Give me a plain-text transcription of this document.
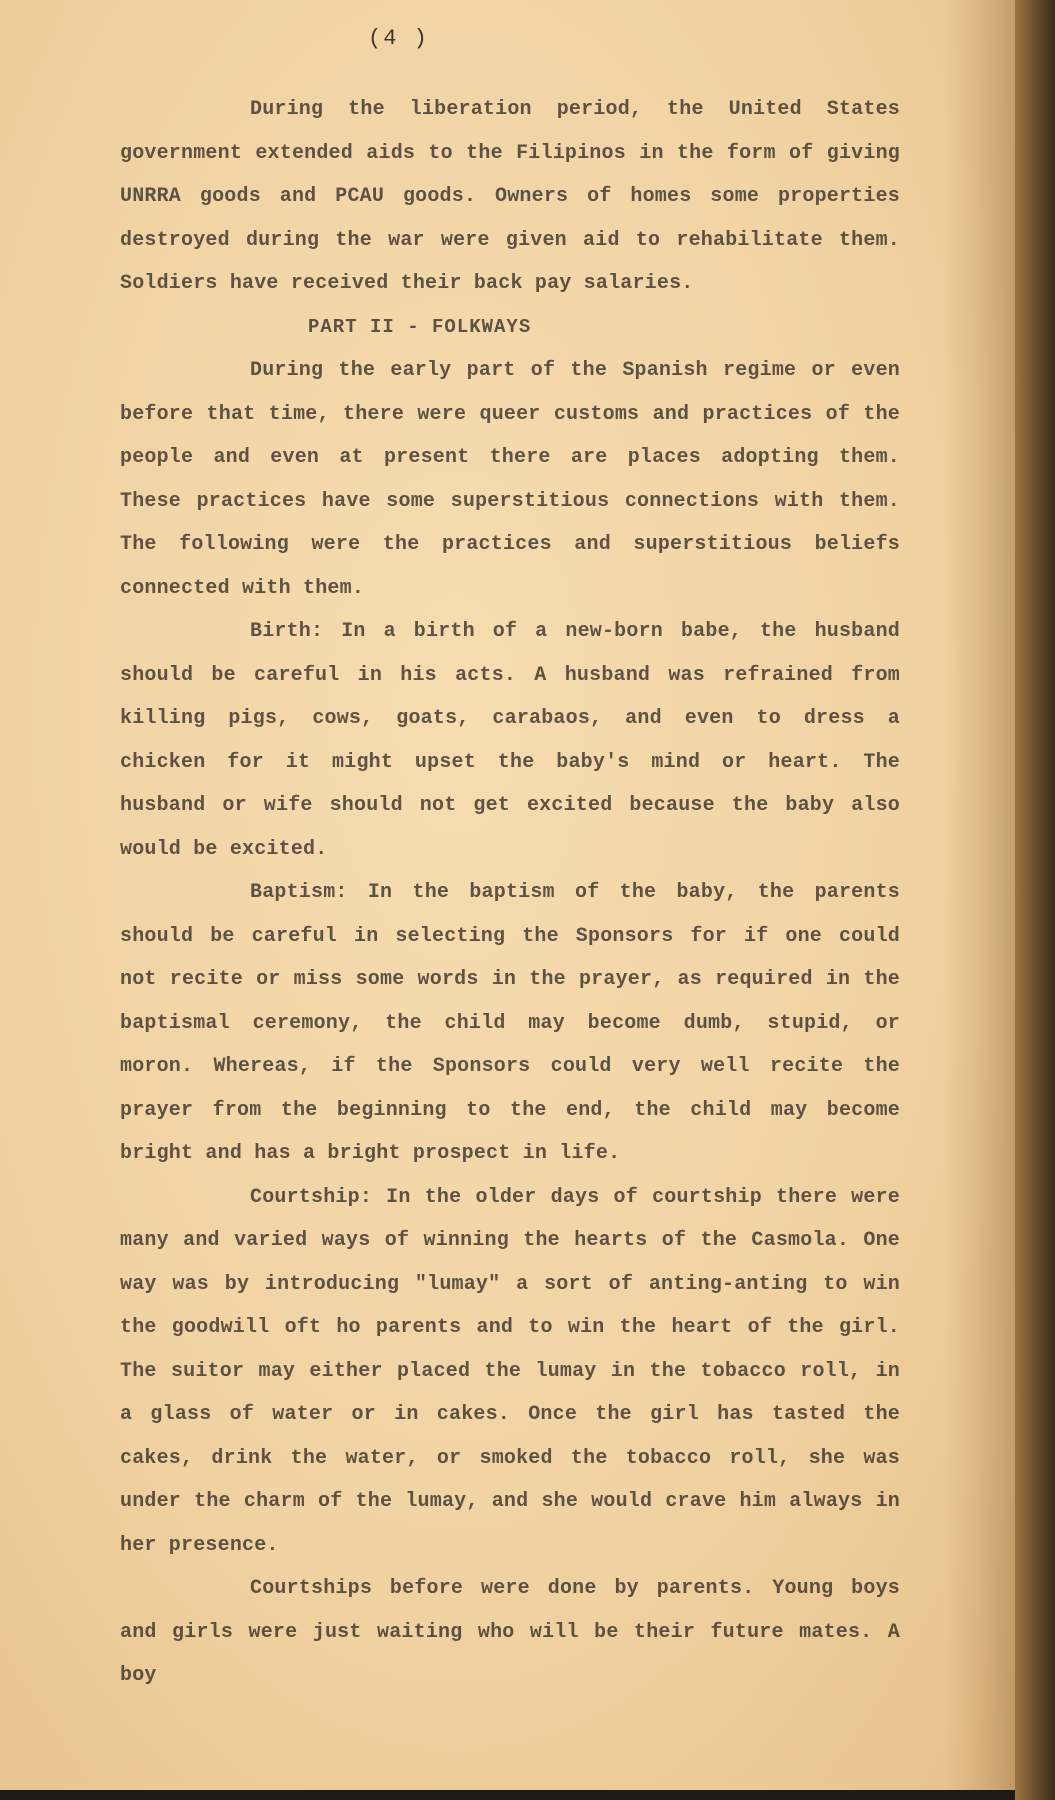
(4 )

During the liberation period, the United States government extended aids to the Filipinos in the form of giving UNRRA goods and PCAU goods. Owners of homes some properties destroyed during the war were given aid to rehabilitate them. Soldiers have received their back pay salaries.

PART II - FOLKWAYS

During the early part of the Spanish regime or even before that time, there were queer customs and practices of the people and even at present there are places adopting them. These practices have some superstitious connections with them. The following were the practices and superstitious beliefs connected with them.

Birth: In a birth of a new-born babe, the husband should be careful in his acts. A husband was refrained from killing pigs, cows, goats, carabaos, and even to dress a chicken for it might upset the baby's mind or heart. The husband or wife should not get excited because the baby also would be excited.

Baptism: In the baptism of the baby, the parents should be careful in selecting the Sponsors for if one could not recite or miss some words in the prayer, as required in the baptismal ceremony, the child may become dumb, stupid, or moron. Whereas, if the Sponsors could very well recite the prayer from the beginning to the end, the child may become bright and has a bright prospect in life.

Courtship: In the older days of courtship there were many and varied ways of winning the hearts of the Casmola. One way was by introducing "lumay" a sort of anting-anting to win the goodwill oft ho parents and to win the heart of the girl. The suitor may either placed the lumay in the tobacco roll, in a glass of water or in cakes. Once the girl has tasted the cakes, drink the water, or smoked the tobacco roll, she was under the charm of the lumay, and she would crave him always in her presence.

Courtships before were done by parents. Young boys and girls were just waiting who will be their future mates. A boy
